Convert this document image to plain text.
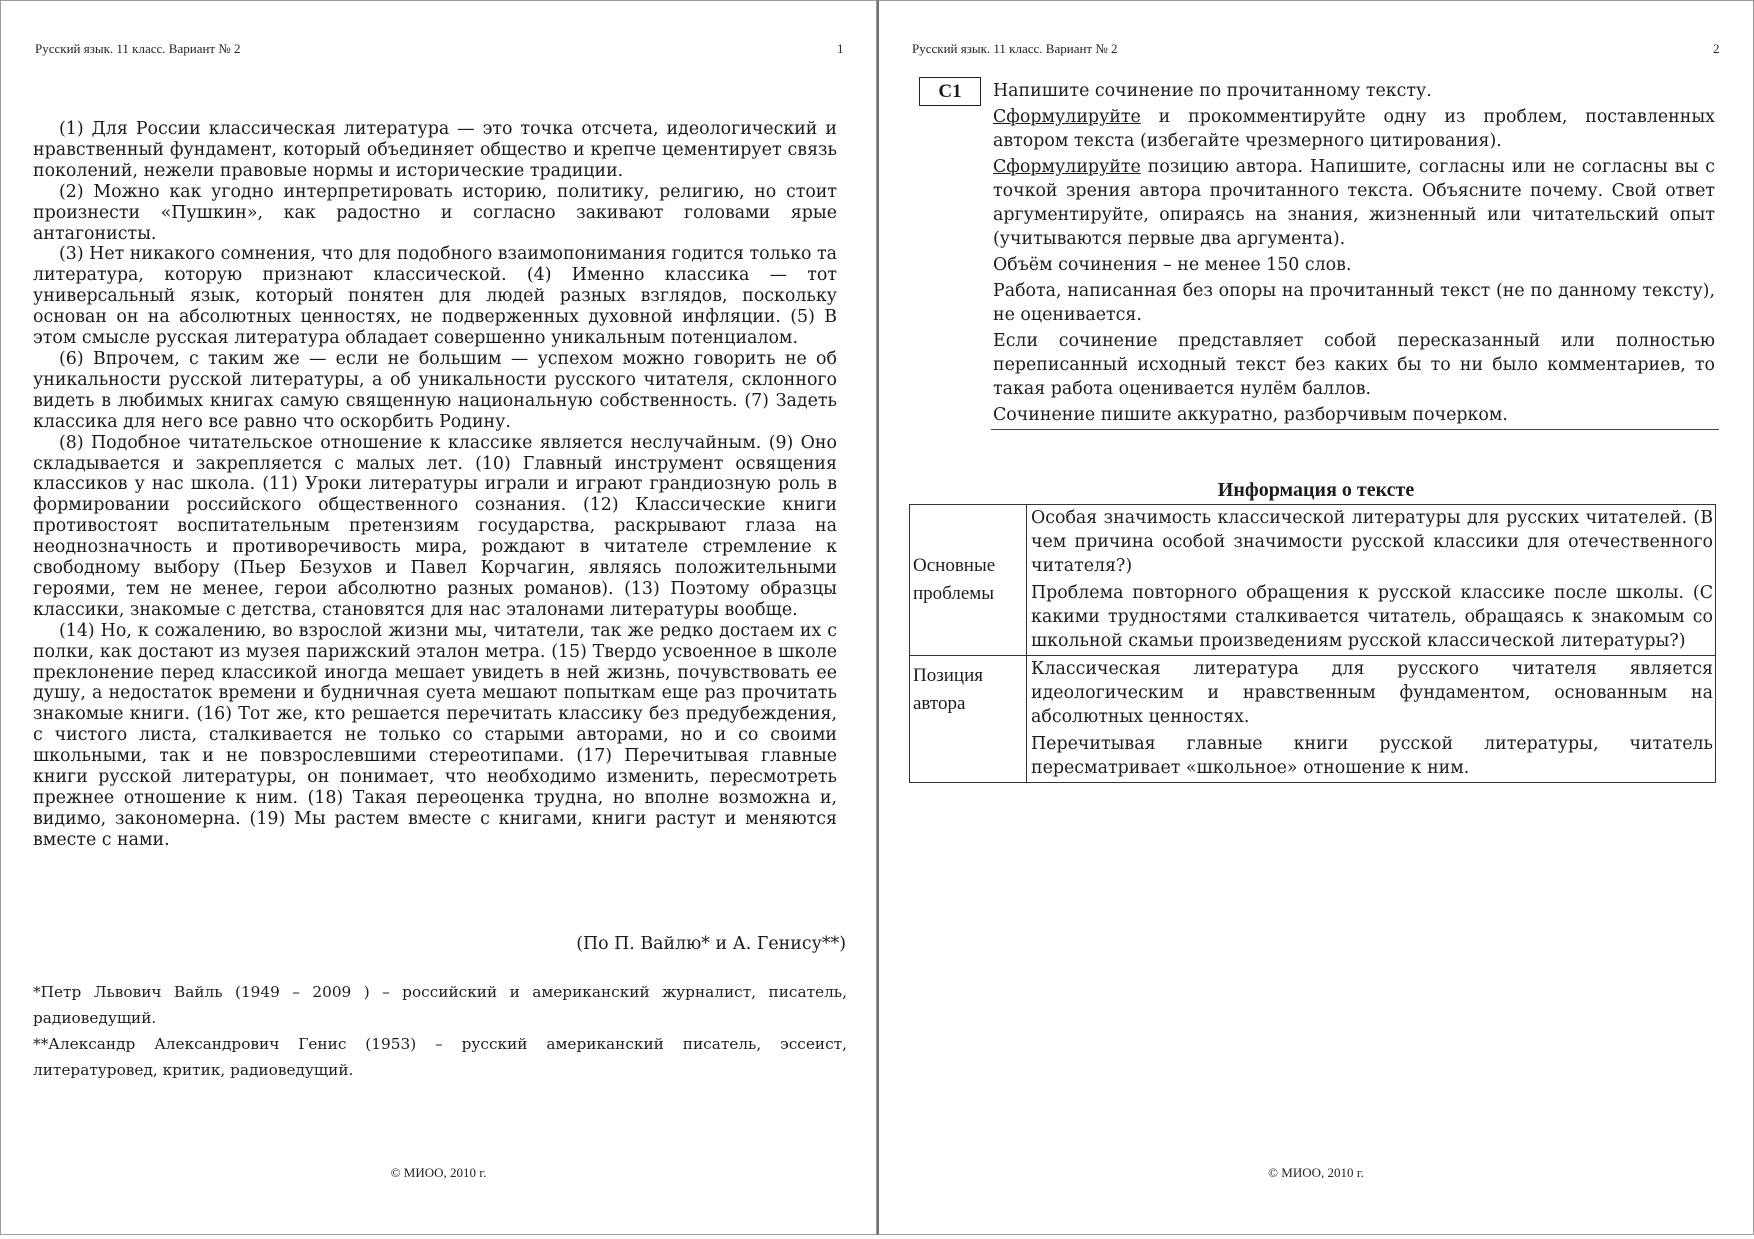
Русский язык. 11 класс. Вариант № 2	1

(1) Для России классическая литература — это точка отсчета, идеологический и нравственный фундамент, который объединяет общество и крепче цементирует связь поколений, нежели правовые нормы и исторические традиции.

(2) Можно как угодно интерпретировать историю, политику, религию, но стоит произнести «Пушкин», как радостно и согласно закивают головами ярые антагонисты.

(3) Нет никакого сомнения, что для подобного взаимопонимания годится только та литература, которую признают классической. (4) Именно классика — тот универсальный язык, который понятен для людей разных взглядов, поскольку основан он на абсолютных ценностях, не подверженных духовной инфляции. (5) В этом смысле русская литература обладает совершенно уникальным потенциалом.

(6) Впрочем, с таким же — если не большим — успехом можно говорить не об уникальности русской литературы, а об уникальности русского читателя, склонного видеть в любимых книгах самую священную национальную собственность. (7) Задеть классика для него все равно что оскорбить Родину.

(8) Подобное читательское отношение к классике является неслучайным. (9) Оно складывается и закрепляется с малых лет. (10) Главный инструмент освящения классиков у нас школа. (11) Уроки литературы играли и играют грандиозную роль в формировании российского общественного сознания. (12) Классические книги противостоят воспитательным претензиям государства, раскрывают глаза на неоднозначность и противоречивость мира, рождают в читателе стремление к свободному выбору (Пьер Безухов и Павел Корчагин, являясь положительными героями, тем не менее, герои абсолютно разных романов). (13) Поэтому образцы классики, знакомые с детства, становятся для нас эталонами литературы вообще.

(14) Но, к сожалению, во взрослой жизни мы, читатели, так же редко достаем их с полки, как достают из музея парижский эталон метра. (15) Твердо усвоенное в школе преклонение перед классикой иногда мешает увидеть в ней жизнь, почувствовать ее душу, а недостаток времени и будничная суета мешают попыткам еще раз прочитать знакомые книги. (16) Тот же, кто решается перечитать классику без предубеждения, с чистого листа, сталкивается не только со старыми авторами, но и со своими школьными, так и не повзрослевшими стереотипами. (17) Перечитывая главные книги русской литературы, он понимает, что необходимо изменить, пересмотреть прежнее отношение к ним. (18) Такая переоценка трудна, но вполне возможна и, видимо, закономерна. (19) Мы растем вместе с книгами, книги растут и меняются вместе с нами.

(По П. Вайлю* и А. Генису**)

*Петр Львович Вайль (1949 – 2009 ) – российский и американский журналист, писатель, радиоведущий.

**Александр Александрович Генис (1953) – русский американский писатель, эссеист, литературовед, критик, радиоведущий.

© МИОО, 2010 г.
Русский язык. 11 класс. Вариант № 2	2
С1	Напишите сочинение по прочитанному тексту.

Сформулируйте и прокомментируйте одну из проблем, поставленных автором текста (избегайте чрезмерного цитирования).

Сформулируйте позицию автора. Напишите, согласны или не согласны вы с точкой зрения автора прочитанного текста. Объясните почему. Свой ответ аргументируйте, опираясь на знания, жизненный или читательский опыт (учитываются первые два аргумента).

Объём сочинения – не менее 150 слов.

Работа, написанная без опоры на прочитанный текст (не по данному тексту), не оценивается.

Если сочинение представляет собой пересказанный или полностью переписанный исходный текст без каких бы то ни было комментариев, то такая работа оценивается нулём баллов.

Сочинение пишите аккуратно, разборчивым почерком.

Информация о тексте
Основные проблемы	Особая значимость классической литературы для русских читателей. (В чем причина особой значимости русской классики для отечественного читателя?)

Проблема повторного обращения к русской классике после школы. (С какими трудностями сталкивается читатель, обращаясь к знакомым со школьной скамьи произведениям русской классической литературы?)

Позиция автора	Классическая литература для русского читателя является идеологическим и нравственным фундаментом, основанным на абсолютных ценностях.

Перечитывая главные книги русской литературы, читатель пересматривает «школьное» отношение к ним.

© МИОО, 2010 г.
